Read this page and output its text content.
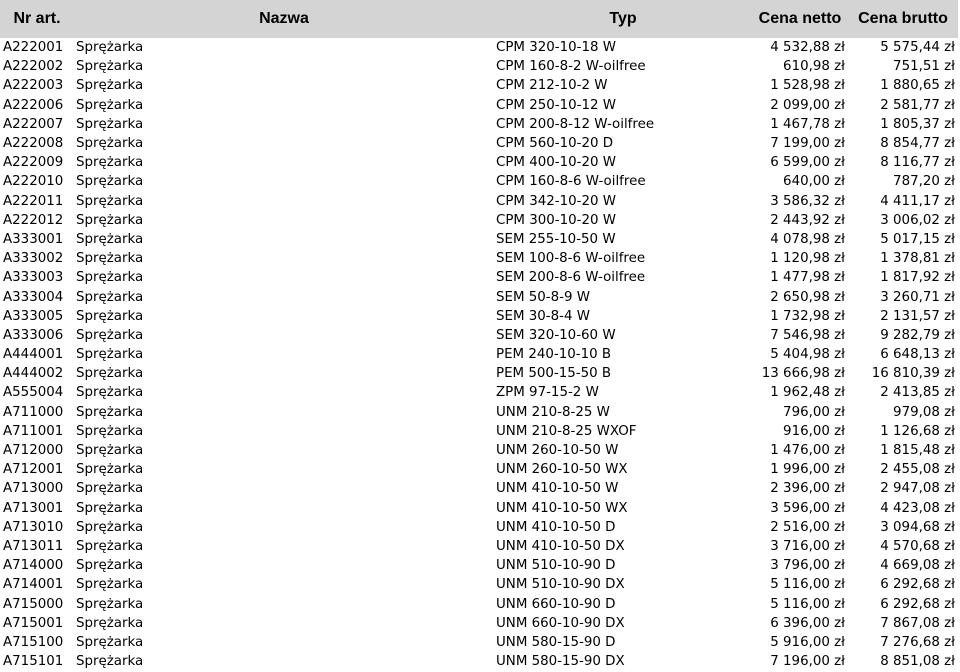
Nr art.	Nazwa	Typ	Cena netto	Cena brutto
A222001	Sprężarka	CPM 320-10-18 W	4 532,88 zł	5 575,44 zł
A222002	Sprężarka	CPM 160-8-2 W-oilfree	610,98 zł	751,51 zł
A222003	Sprężarka	CPM 212-10-2 W	1 528,98 zł	1 880,65 zł
A222006	Sprężarka	CPM 250-10-12 W	2 099,00 zł	2 581,77 zł
A222007	Sprężarka	CPM 200-8-12 W-oilfree	1 467,78 zł	1 805,37 zł
A222008	Sprężarka	CPM 560-10-20 D	7 199,00 zł	8 854,77 zł
A222009	Sprężarka	CPM 400-10-20 W	6 599,00 zł	8 116,77 zł
A222010	Sprężarka	CPM 160-8-6 W-oilfree	640,00 zł	787,20 zł
A222011	Sprężarka	CPM 342-10-20 W	3 586,32 zł	4 411,17 zł
A222012	Sprężarka	CPM 300-10-20 W	2 443,92 zł	3 006,02 zł
A333001	Sprężarka	SEM 255-10-50 W	4 078,98 zł	5 017,15 zł
A333002	Sprężarka	SEM 100-8-6 W-oilfree	1 120,98 zł	1 378,81 zł
A333003	Sprężarka	SEM 200-8-6 W-oilfree	1 477,98 zł	1 817,92 zł
A333004	Sprężarka	SEM 50-8-9 W	2 650,98 zł	3 260,71 zł
A333005	Sprężarka	SEM 30-8-4 W	1 732,98 zł	2 131,57 zł
A333006	Sprężarka	SEM 320-10-60 W	7 546,98 zł	9 282,79 zł
A444001	Sprężarka	PEM 240-10-10 B	5 404,98 zł	6 648,13 zł
A444002	Sprężarka	PEM 500-15-50 B	13 666,98 zł	16 810,39 zł
A555004	Sprężarka	ZPM 97-15-2 W	1 962,48 zł	2 413,85 zł
A711000	Sprężarka	UNM 210-8-25 W	796,00 zł	979,08 zł
A711001	Sprężarka	UNM 210-8-25 WXOF	916,00 zł	1 126,68 zł
A712000	Sprężarka	UNM 260-10-50 W	1 476,00 zł	1 815,48 zł
A712001	Sprężarka	UNM 260-10-50 WX	1 996,00 zł	2 455,08 zł
A713000	Sprężarka	UNM 410-10-50 W	2 396,00 zł	2 947,08 zł
A713001	Sprężarka	UNM 410-10-50 WX	3 596,00 zł	4 423,08 zł
A713010	Sprężarka	UNM 410-10-50 D	2 516,00 zł	3 094,68 zł
A713011	Sprężarka	UNM 410-10-50 DX	3 716,00 zł	4 570,68 zł
A714000	Sprężarka	UNM 510-10-90 D	3 796,00 zł	4 669,08 zł
A714001	Sprężarka	UNM 510-10-90 DX	5 116,00 zł	6 292,68 zł
A715000	Sprężarka	UNM 660-10-90 D	5 116,00 zł	6 292,68 zł
A715001	Sprężarka	UNM 660-10-90 DX	6 396,00 zł	7 867,08 zł
A715100	Sprężarka	UNM 580-15-90 D	5 916,00 zł	7 276,68 zł
A715101	Sprężarka	UNM 580-15-90 DX	7 196,00 zł	8 851,08 zł
